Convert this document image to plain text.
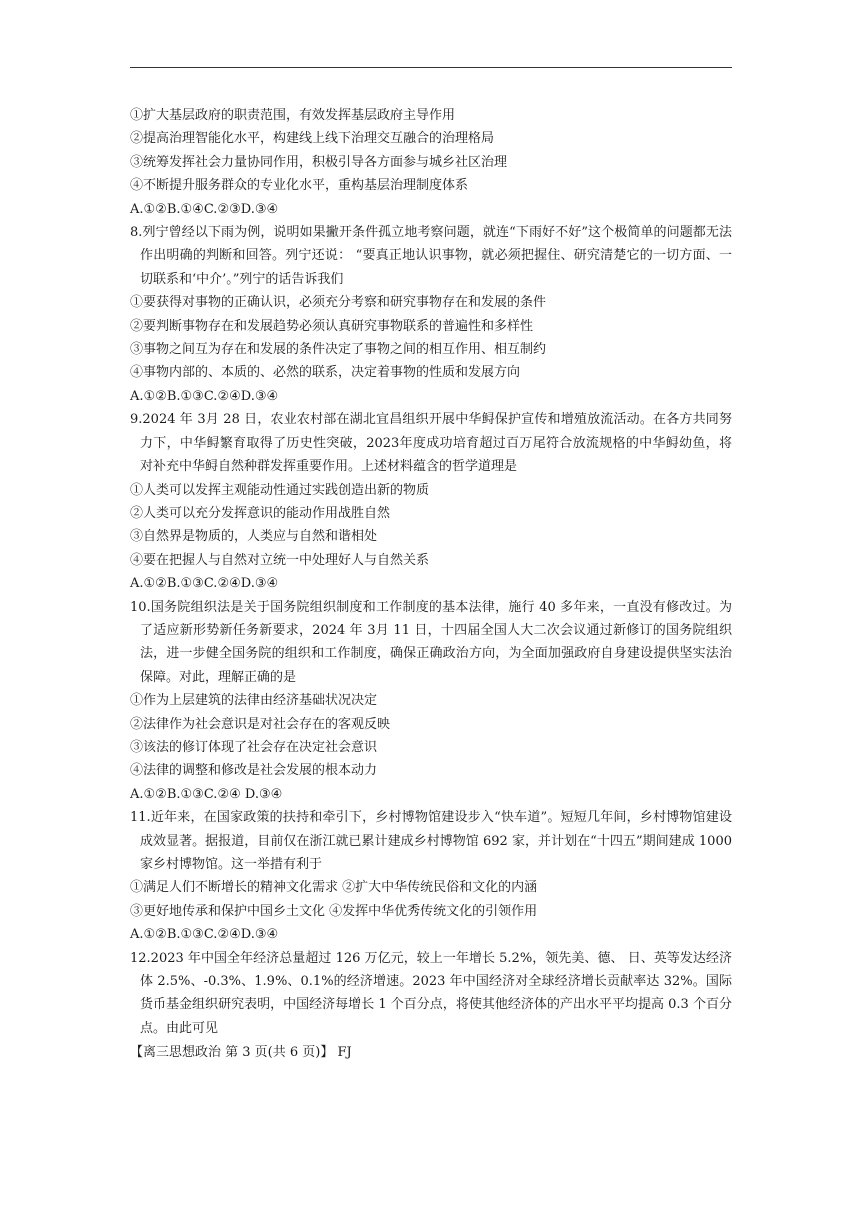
①扩大基层政府的职责范围，有效发挥基层政府主导作用
②提高治理智能化水平，构建线上线下治理交互融合的治理格局
③统筹发挥社会力量协同作用，积极引导各方面参与城乡社区治理
④不断提升服务群众的专业化水平，重构基层治理制度体系
A.①②B.①④C.②③D.③④
8.列宁曾经以下雨为例，说明如果撇开条件孤立地考察问题，就连“下雨好不好”这个极简单的问题都无法作出明确的判断和回答。列宁还说： “要真正地认识事物，就必须把握住、研究清楚它的一切方面、一切联系和‘中介’。”列宁的话告诉我们
①要获得对事物的正确认识，必须充分考察和研究事物存在和发展的条件
②要判断事物存在和发展趋势必须认真研究事物联系的普遍性和多样性
③事物之间互为存在和发展的条件决定了事物之间的相互作用、相互制约
④事物内部的、本质的、必然的联系，决定着事物的性质和发展方向
A.①②B.①③C.②④D.③④
9.2024 年 3月 28 日，农业农村部在湖北宜昌组织开展中华鲟保护宣传和增殖放流活动。在各方共同努力下，中华鲟繁育取得了历史性突破，2023年度成功培育超过百万尾符合放流规格的中华鲟幼鱼，将对补充中华鲟自然种群发挥重要作用。上述材料蕴含的哲学道理是
①人类可以发挥主观能动性通过实践创造出新的物质
②人类可以充分发挥意识的能动作用战胜自然
③自然界是物质的，人类应与自然和谐相处
④要在把握人与自然对立统一中处理好人与自然关系
A.①②B.①③C.②④D.③④
10.国务院组织法是关于国务院组织制度和工作制度的基本法律，施行 40 多年来，一直没有修改过。为了适应新形势新任务新要求，2024 年 3月 11 日，十四届全国人大二次会议通过新修订的国务院组织法，进一步健全国务院的组织和工作制度，确保正确政治方向，为全面加强政府自身建设提供坚实法治保障。对此，理解正确的是
①作为上层建筑的法律由经济基础状况决定
②法律作为社会意识是对社会存在的客观反映
③该法的修订体现了社会存在决定社会意识
④法律的调整和修改是社会发展的根本动力
A.①②B.①③C.②④ D.③④
11.近年来，在国家政策的扶持和牵引下，乡村博物馆建设步入“快车道”。短短几年间，乡村博物馆建设成效显著。据报道，目前仅在浙江就已累计建成乡村博物馆 692 家，并计划在“十四五”期间建成 1000 家乡村博物馆。这一举措有利于
①满足人们不断增长的精神文化需求 ②扩大中华传统民俗和文化的内涵
③更好地传承和保护中国乡土文化 ④发挥中华优秀传统文化的引领作用
A.①②B.①③C.②④D.③④
12.2023 年中国全年经济总量超过 126 万亿元，较上一年增长 5.2%，领先美、德、 日、英等发达经济体 2.5%、-0.3%、1.9%、0.1%的经济增速。2023 年中国经济对全球经济增长贡献率达 32%。国际货币基金组织研究表明，中国经济每增长 1 个百分点，将使其他经济体的产出水平平均提高 0.3 个百分点。由此可见
【离三思想政治 第 3 页(共 6 页)】 FJ
